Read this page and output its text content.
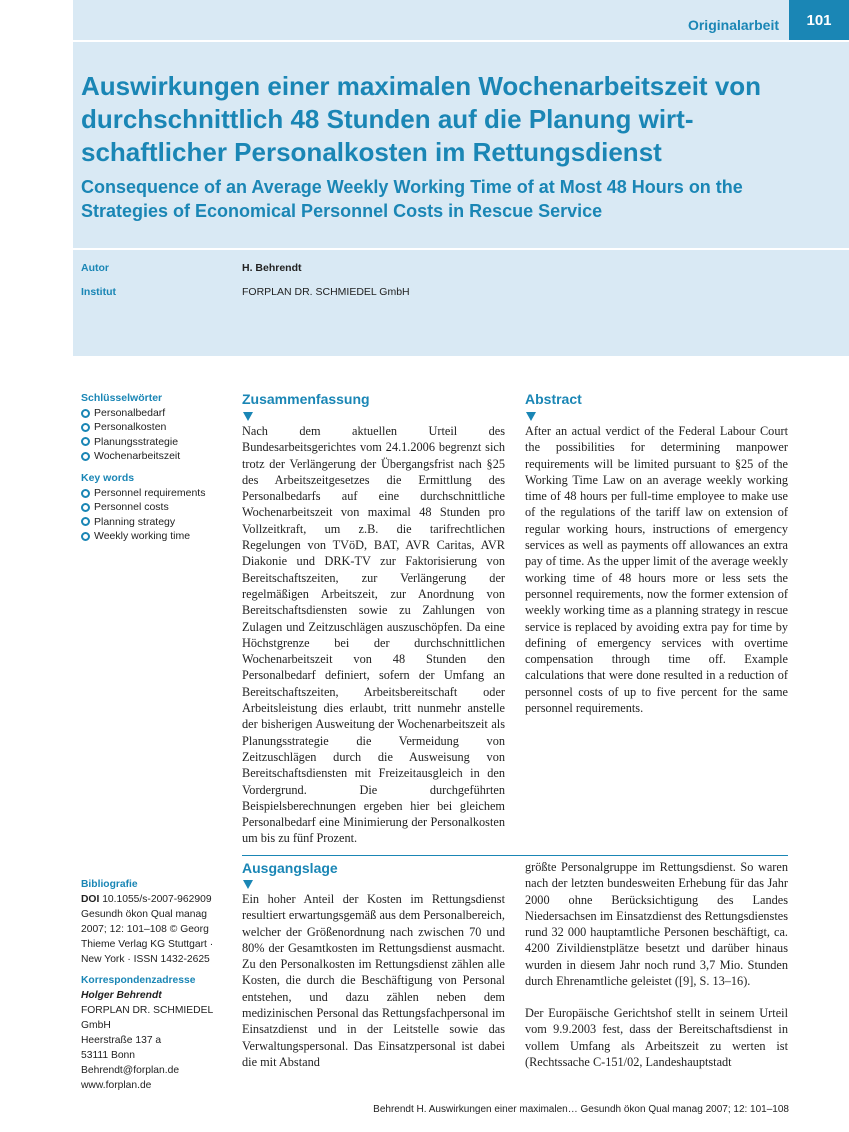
Originalarbeit	101
Auswirkungen einer maximalen Wochenarbeitszeit von durchschnittlich 48 Stunden auf die Planung wirtschaftlicher Personalkosten im Rettungsdienst
Consequence of an Average Weekly Working Time of at Most 48 Hours on the Strategies of Economical Personnel Costs in Rescue Service
Autor	H. Behrendt
Institut	FORPLAN DR. SCHMIEDEL GmbH
Schlüsselwörter
Personalbedarf
Personalkosten
Planungsstrategie
Wochenarbeitszeit
Key words
Personnel requirements
Personnel costs
Planning strategy
Weekly working time
Zusammenfassung

Nach dem aktuellen Urteil des Bundesarbeitsgerichtes vom 24.1.2006 begrenzt sich trotz der Verlängerung der Übergangsfrist nach §25 des Arbeitszeitgesetzes die Ermittlung des Personalbedarfs auf eine durchschnittliche Wochenarbeitszeit von maximal 48 Stunden pro Vollzeitkraft, um z.B. die tarifrechtlichen Regelungen von TVöD, BAT, AVR Caritas, AVR Diakonie und DRK-TV zur Faktorisierung von Bereitschaftszeiten, zur Verlängerung der regelmäßigen Arbeitszeit, zur Anordnung von Bereitschaftsdiensten sowie zu Zahlungen von Zulagen und Zeitzuschlägen auszuschöpfen. Da eine Höchstgrenze bei der durchschnittlichen Wochenarbeitszeit von 48 Stunden den Personalbedarf definiert, sofern der Umfang an Bereitschaftszeiten, Arbeitsbereitschaft oder Arbeitsleistung dies erlaubt, tritt nunmehr anstelle der bisherigen Ausweitung der Wochenarbeitszeit als Planungsstrategie die Vermeidung von Zeitzuschlägen durch die Ausweisung von Bereitschaftsdiensten mit Freizeitausgleich in den Vordergrund. Die durchgeführten Beispielsberechnungen ergeben hier bei gleichem Personalbedarf eine Minimierung der Personalkosten um bis zu fünf Prozent.

Abstract

After an actual verdict of the Federal Labour Court the possibilities for determining manpower requirements will be limited pursuant to §25 of the Working Time Law on an average weekly working time of 48 hours per full-time employee to make use of the regulations of the tariff law on extension of regular working hours, instructions of emergency services as well as payments off allowances an extra pay of time. As the upper limit of the average weekly working time of 48 hours more or less sets the personnel requirements, now the former extension of weekly working time as a planning strategy in rescue service is replaced by avoiding extra pay for time by defining of emergency services with overtime compensation through time off. Example calculations that were done resulted in a reduction of personnel costs of up to five percent for the same personnel requirements.

Ausgangslage

Ein hoher Anteil der Kosten im Rettungsdienst resultiert erwartungsgemäß aus dem Personalbereich, welcher der Größenordnung nach zwischen 70 und 80% der Gesamtkosten im Rettungsdienst ausmacht. Zu den Personalkosten im Rettungsdienst zählen alle Kosten, die durch die Beschäftigung von Personal entstehen, und dazu zählen neben dem medizinischen Personal das Rettungsfachpersonal im Einsatzdienst und in der Leitstelle sowie das Verwaltungspersonal. Das Einsatzpersonal ist dabei die mit Abstand

größte Personalgruppe im Rettungsdienst. So waren nach der letzten bundesweiten Erhebung für das Jahr 2000 ohne Berücksichtigung des Landes Niedersachsen im Einsatzdienst des Rettungsdienstes rund 32 000 hauptamtliche Personen beschäftigt, ca. 4200 Zivildienstplätze besetzt und darüber hinaus wurden in diesem Jahr noch rund 3,7 Mio. Stunden durch Ehrenamtliche geleistet ([9], S. 13–16).

Der Europäische Gerichtshof stellt in seinem Urteil vom 9.9.2003 fest, dass der Bereitschaftsdienst in vollem Umfang als Arbeitszeit zu werten ist (Rechtssache C-151/02, Landeshauptstadt

Bibliografie
DOI 10.1055/s-2007-962909
Gesundh ökon Qual manag
2007; 12: 101–108 © Georg
Thieme Verlag KG Stuttgart ·
New York · ISSN 1432-2625
Korrespondenzadresse
Holger Behrendt
FORPLAN DR. SCHMIEDEL
GmbH
Heerstraße 137 a
53111 Bonn
Behrendt@forplan.de
www.forplan.de
Behrendt H. Auswirkungen einer maximalen… Gesundh ökon Qual manag 2007; 12: 101–108
